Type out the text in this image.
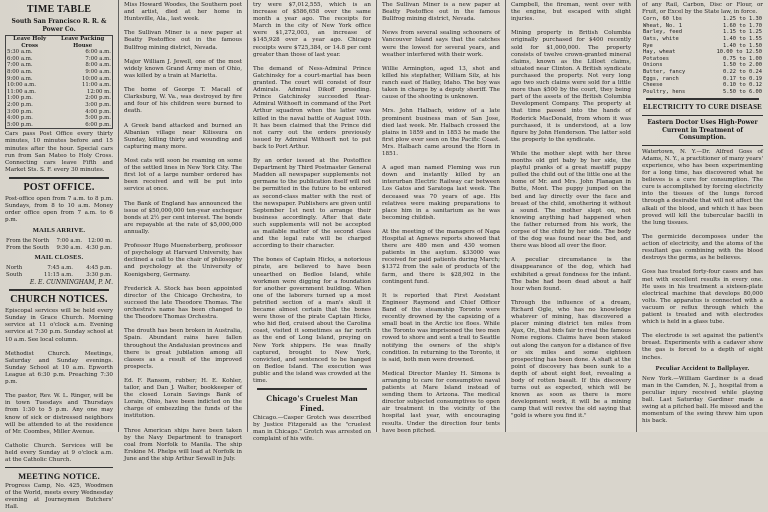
TIME TABLE
South San Francisco R. R. & Power Co.
Leave Holy Cross	Leave Packing House
5:30 a.m.	6:00 a.m.
6:00 a.m.	7:00 a.m.
7:00 a.m.	8:00 a.m.
8:00 a.m.	9:00 a.m.
9:00 a.m.	10:00 a.m.
10:00 a.m.	11:00 a.m.
11:00 a.m.	12:00 m.
1:00 p.m.	2:00 p.m.
2:00 p.m.	3:00 p.m.
3:00 p.m.	4:00 p.m.
4:00 p.m.	5:00 p.m.
5:00 p.m.	6:00 p.m.

Cars pass Post Office every thirty minutes, 10 minutes before and 15 minutes after the hour. Special cars run from San Mateo to Holy Cross. Connecting cars leave Fifth and Market Sts. S. F. every 30 minutes.

POST OFFICE.

Post-office open from 7 a.m. to 8 p.m. Sundays, from 8 to 10 a.m. Money order office open from 7 a.m. to 6 p.m.

MAILS ARRIVE.
From the North	7:00 a.m.	12:00 m.
From the South	9:30 a.m.	4:30 p.m.
MAIL CLOSES.
North	7:45 a.m.	4:45 p.m.
South	11:15 a.m.	3:30 p.m.
E. E. CUNNINGHAM, P. M.
CHURCH NOTICES.

Episcopal services will be held every Sunday in Grace Church. Morning service at 11 o'clock a.m. Evening service at 7:30 p.m. Sunday school at 10 a.m. See local column.

Methodist Church. Meetings, Saturday and Sunday evenings. Sunday School at 10 a.m. Epworth League at 6:30 p.m. Preaching 7:30 p.m.

The pastor, Rev. W. L. Ringer, will be in town Tuesdays and Thursdays from 1:30 to 5 p.m. Any one may know of sick or distressed neighbors will be attended to at the residence of Mr. Coombes, Miller Avenue.

Catholic Church. Services will be held every Sunday at 9 o'clock a.m. at the Catholic Church.

MEETING NOTICE.

Progress Camp, No. 425, Woodmen of the World, meets every Wednesday evening at Journeymen Butchers' Hall.

Miss Howard Woodes, the Southern poet and artist, died at her home in Huntsville, Ala., last week.

The Sullivan Miner is a new paper at Beatty Postoffice out in the famous Bullfrog mining district, Nevada.

Major William J. Jewell, one of the most widely known Grand Army men of Ohio, was killed by a train at Marietta.

The home of George T. Macall of Clarksburg, W. Va., was destroyed by fire and four of his children were burned to death.

A Greek band attacked and burned an Albanian village near Kilissura on Sunday, killing thirty and wounding and capturing many more.

Most cats will soon be roaming on some of the settled lines in New York City. The first lot of a large number ordered has been received and will be put into service at once.

The Bank of England has announced the issue of $50,000,000 ten-year exchequer bonds at 2½ per cent interest. The bonds are repayable at the rate of $5,000,000 annually.

Professor Hugo Muensterberg, professor of psychology at Harvard University, has declined a call to the chair of philosophy and psychology at the University of Koenigsberg, Germany.

Frederick A. Stock has been appointed director of the Chicago Orchestra, to succeed the late Theodore Thomas. The orchestra's name has been changed to the Theodore Thomas Orchestra.

The drouth has been broken in Australia, Spain. Abundant rains have fallen throughout the Andalusian provinces and there is great jubilation among all classes as a result of the improved prospects.

Ed. F. Ransom, rubber; H. E. Kohler, tailor, and Dan J. Walter, bookkeeper of the closed Lorain Savings Bank of Lorain, Ohio, have been indicted on the charge of embezzling the funds of the institution.

Three American ships have been taken by the Navy Department to transport coal from Norfolk to Manila. The ship Erskine M. Phelps will load at Norfolk in June and the ship Arthur Sewall in July.

try were $7,012,555, which is an increase of $586,658 over the same month a year ago. The receipts for March in the city of New York office were $1,272,003, an increase of $145,928 over a year ago. Chicago receipts were $725,384, or 14.8 per cent greater than those of last year.

The demand of Ness-Admiral Prince Gatchinsky for a court-martial has been granted. The court will consist of four Admirals. Admiral Dikoff presiding. Prince Gatchinsky succeeded Rear-Admiral Withoeft in command of the Port Arthur squadron when the latter was killed in the naval battle of August 10th. It has been claimed that the Prince did not carry out the orders previously issued by Admiral Withoeft not to put back to Port Arthur.

By an order issued at the Postoffice Department by Third Postmaster General Madden all newspaper supplements not germane to the publication itself will not be permitted in the future to be entered as second-class matter with the rest of the newspaper. Publishers are given until September 1st next to arrange their business accordingly. After that date such supplements will not be accepted as mailable matter of the second class and the legal rate will be charged according to their character.

The bones of Captain Hicks, a notorious pirate, are believed to have been unearthed on Bedloe Island, while workmen were digging for a foundation for another government building. When one of the laborers turned up a most petrified section of a man's skull it became almost certain that the bones were those of the pirate Captain Hicks, who hid fled, cruised about the Carolina coast, visited it sometimes as far north as the end of Long Island, preying on New York shippers. He was finally captured, brought to New York, convicted, and sentenced to be hanged on Bedloe Island. The execution was public and the island was crowded at the time.

Chicago's Cruelest Man Fined.

Chicago.—Casper Grotch was described by Justice Fitzgerald as the "cruelest man in Chicago." Grotch was arrested on complaint of his wife.

The Sullivan Miner is a new paper at Beatty Postoffice out in the famous Bullfrog mining district, Nevada.

News from several sealing schooners of Vancouver Island says that the catches were the lowest for several years, and weather interfered with their work.

Willie Armington, aged 13, shot and killed his stepfather, William Silz, at his ranch east of Hailey, Idaho. The boy was taken in charge by a deputy sheriff. The cause of the shooting is unknown.

Mrs. John Halbach, widow of a late prominent business man of San Jose, died last week. Mr. Halbach crossed the plains in 1859 and in 1853 he made the first plow ever seen on the Pacific Coast. Mrs. Halbach came around the Horn in 1851.

A aged man named Fleming was run down and instantly killed by an interurban Electric Railway car between Los Gatos and Saratoga last week. The deceased was 70 years of age. His relatives were making preparations to place him in a sanitarium as he was becoming childish.

At the meeting of the managers of Napa Hospital at Agnews reports showed that there are 480 men and 430 women patients in the asylum. $33000 was received for paid patients during March; $1372 from the sale of products of the farm, and there is $28,902 in the contingent fund.

It is reported that First Assistant Engineer Raymond and Chief Officer Band of the steamship Toronto were recently drowned by the capsizing of a small boat in the Arctic ice floes. While the Toronto was imprisoned the two men rowed to shore and sent a trail to Seattle notifying the owners of the ship's condition. In returning to the Toronto, it is said, both men were drowned.

Medical Director Manley H. Simons is arranging to care for consumptive naval patients at Mare Island instead of sending them to Arizona. The medical director subjected consumptives to open air treatment in the vicinity of the hospital last year, with encouraging results. Under the direction four tents have been pitched.

Campbell, the fireman, went over with the engine, but escaped with slight injuries.

Mining property in British Columbia originally purchased for $400 recently sold for $1,000,000. The property consists of twelve crown-granted mineral claims, known as the Lilloet claims, situated near Clinton. A British syndicate purchased the property. Not very long ago two such claims were sold for a little more than $500 by the court, they being part of the assets of the British Columbia Development Company. The property at that time passed into the hands of Roderick MacDonald, from whom it was purchased, it is understood, at a low figure by John Henderson. The latter sold the property to the syndicate.

While the mother slept with her three months old girl baby by her side, the playful pranks of a great mastiff puppy pulled the child out of the little one at the home of Mr. and Mrs. John Flanagan in Butte, Mont. The puppy jumped on the bed and lay directly over the face and breast of the child, smothering it without a sound. The mother slept on, not knowing anything had happened when the father returned from his work, the corpse of the child by her side. The body of the dog was found near the bed, and there was blood all over the floor.

A peculiar circumstance is the disappearance of the dog, which had exhibited a great fondness for the infant. The babe had been dead about a half hour when found.

Through the influence of a dream, Richard Ogle, who has no knowledge whatever of mining, has discovered a placer mining district ten miles from Ajax, Or., that bids fair to rival the famous Nome regions. Claims have been staked out along the canyon for a distance of five or six miles and some eighteen prospecting has been done. A shaft at the point of discovery has been sunk to a depth of about eight feet, revealing a body of rotten basalt. If this discovery turns out as expected, which will be known as soon as there is more development work, it will be a mining camp that will revive the old saying that "gold is where you find it."

of any Rail, Carbon, Disc or Flour, or Fruit, or Excel by the State law, in force.

Corn, 60 lbs	1.25 to 1.30
Wheat, No. 1	1.60 to 1.70
Barley, feed	1.15 to 1.25
Oats, white	1.40 to 1.55
Rye	1.40 to 1.50
Hay, wheat	10.00 to 12.50
Potatoes	0.75 to 1.00
Onions	1.50 to 2.00
Butter, fancy	0.22 to 0.24
Eggs, ranch	0.17 to 0.19
Cheese	0.10 to 0.12
Poultry, hens	5.50 to 6.00
ELECTRICITY TO CURE DISEASE
Eastern Doctor Uses High-Power Current in Treatment of Consumption.

Watertown, N. Y.—Dr. Alfred Goss of Adams, N. Y., a practitioner of many years' experience, who has been experimenting for a long time, has discovered what he believes is a cure for consumption. The cure is accomplished by forcing electricity into the tissues of the lungs forced through a desirable that will not affect the alkali of the blood, and which it has been proved will kill the tubercular bacilli in the lung tissues.

The germicide decomposes under the action of electricity, and the atoms of the resultant gas combining with the blood destroys the germs, as he believes.

Goss has treated forty-four cases and has met with excellent results in every one. He uses in his treatment a sixteen-plate electrical machine that develops 80,000 volts. The apparatus is connected with a vacuum or reflux through which the patient is treated and with electrodes which is held in a glass tube.

The electrode is set against the patient's breast. Experiments with a cadaver show the gas is forced to a depth of eight inches.

Peculiar Accident to Ballplayer.

New York.—William Gardiner is a dead man in the Camden, N. J., hospital from a peculiar injury received while playing ball. Last Saturday Gardiner made a swing at a pitched ball. He missed and the momentum of the swing threw him upon his back.
